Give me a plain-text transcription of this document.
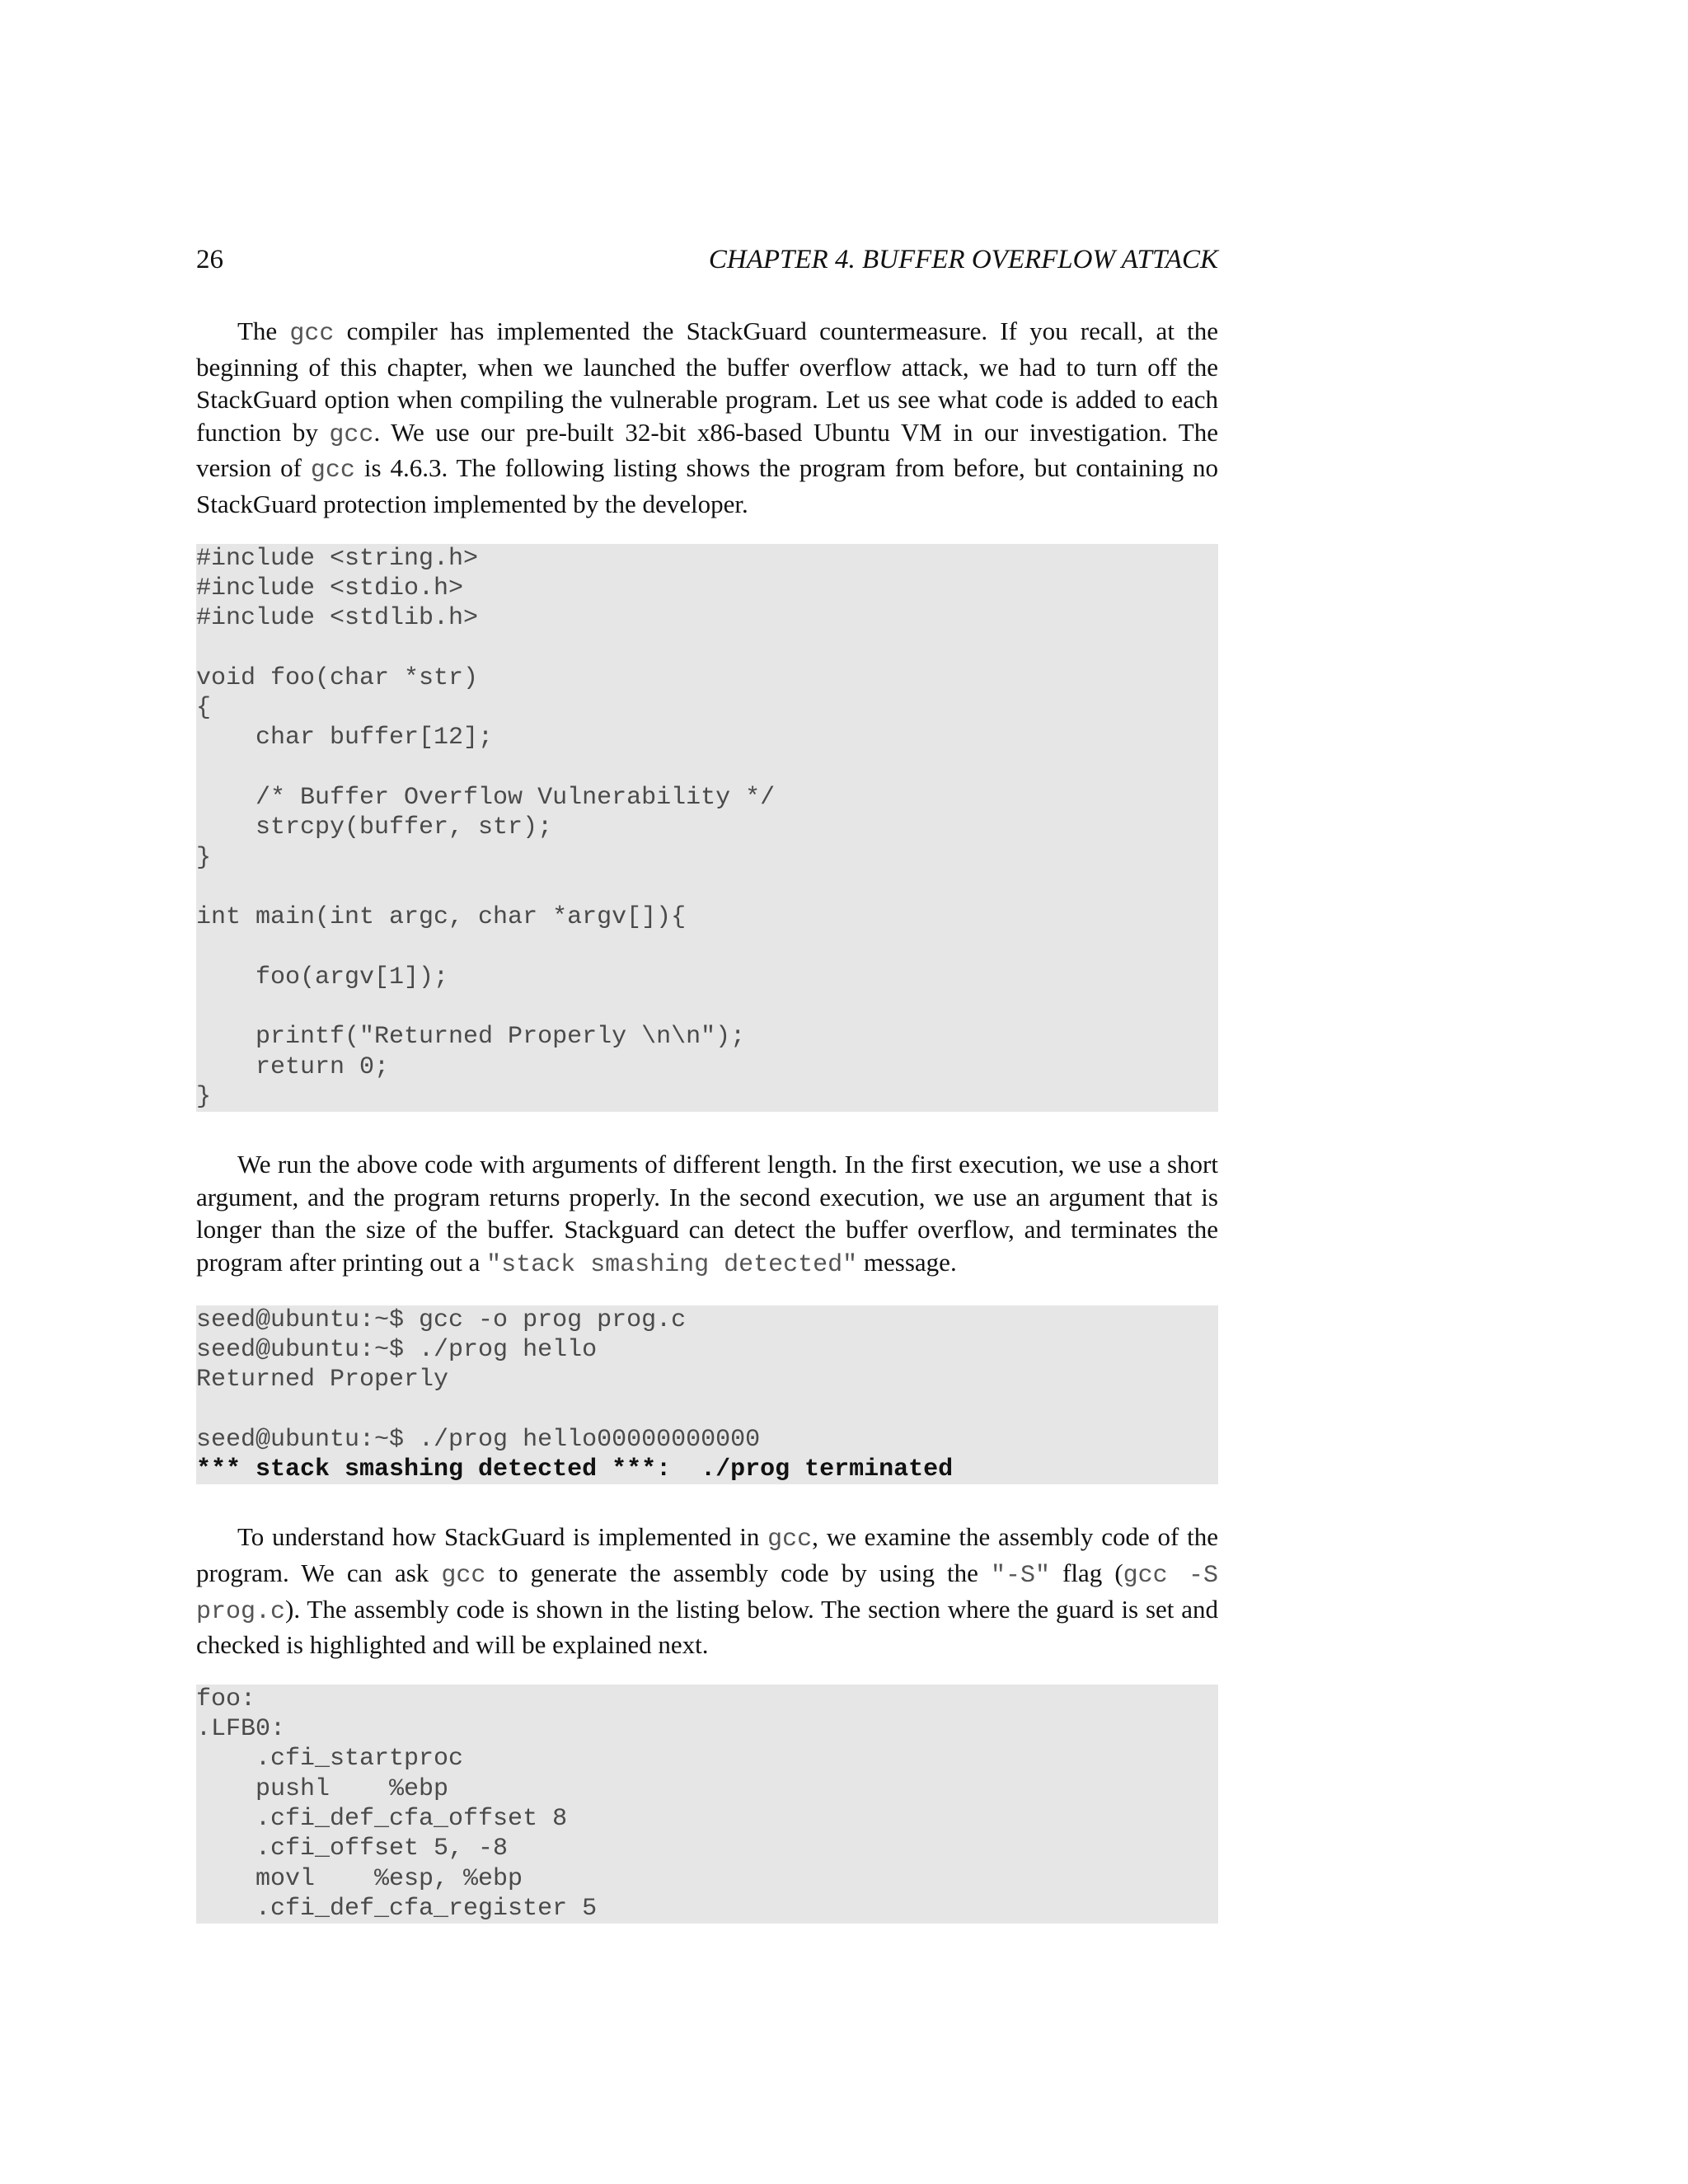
26	CHAPTER 4. BUFFER OVERFLOW ATTACK

The gcc compiler has implemented the StackGuard countermeasure. If you recall, at the beginning of this chapter, when we launched the buffer overflow attack, we had to turn off the StackGuard option when compiling the vulnerable program. Let us see what code is added to each function by gcc. We use our pre-built 32-bit x86-based Ubuntu VM in our investigation. The version of gcc is 4.6.3. The following listing shows the program from before, but containing no StackGuard protection implemented by the developer.

#include <string.h>
#include <stdio.h>
#include <stdlib.h>
void foo(char *str)
{
char buffer[12];
/* Buffer Overflow Vulnerability */
strcpy(buffer, str);
}
int main(int argc, char *argv[]){
foo(argv[1]);
printf("Returned Properly \n\n");
return 0;
}

We run the above code with arguments of different length. In the first execution, we use a short argument, and the program returns properly. In the second execution, we use an argument that is longer than the size of the buffer. Stackguard can detect the buffer overflow, and terminates the program after printing out a "stack smashing detected" message.

seed@ubuntu:~$ gcc -o prog prog.c
seed@ubuntu:~$ ./prog hello
Returned Properly
seed@ubuntu:~$ ./prog hello00000000000
*** stack smashing detected ***:  ./prog terminated

To understand how StackGuard is implemented in gcc, we examine the assembly code of the program. We can ask gcc to generate the assembly code by using the "-S" flag (gcc -S prog.c). The assembly code is shown in the listing below. The section where the guard is set and checked is highlighted and will be explained next.

foo:
.LFB0:
.cfi_startproc
pushl    %ebp
.cfi_def_cfa_offset 8
.cfi_offset 5, -8
movl    %esp, %ebp
.cfi_def_cfa_register 5
